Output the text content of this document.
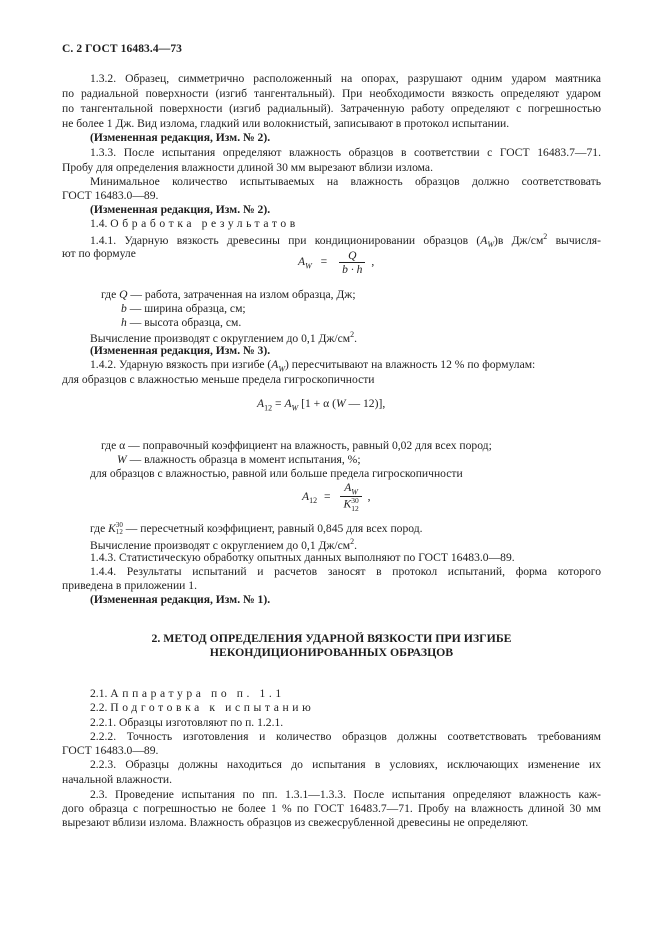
С. 2 ГОСТ 16483.4—73
1.3.2. Образец, симметрично расположенный на опорах, разрушают одним ударом маятника
по радиальной поверхности (изгиб тангентальный). При необходимости вязкость определяют ударом
по тангентальной поверхности (изгиб радиальный). Затраченную работу определяют с погрешностью
не более 1 Дж. Вид излома, гладкий или волокнистый, записывают в протокол испытании.
(Измененная редакция, Изм. № 2).
1.3.3. После испытания определяют влажность образцов в соответствии с ГОСТ 16483.7—71.
Пробу для определения влажности длиной 30 мм вырезают вблизи излома.
Минимальное количество испытываемых на влажность образцов должно соответствовать
ГОСТ 16483.0—89.
(Измененная редакция, Изм. № 2).
1.4. Обработка результатов
1.4.1. Ударную вязкость древесины при кондиционировании образцов $(A_W)в$ $Дж/см^2$ вычисля-
ют по формуле
$A_W = \frac{Q}{b \cdot h}$ ,
где Q — работа, затраченная на излом образца, Дж;
b — ширина образца, см;
h — высота образца, см.
Вычисление производят с округлением до 0,1 $Дж/см^2$.
(Измененная редакция, Изм. № 3).
1.4.2. Ударную вязкость при изгибе $(A_W)$ пересчитывают на влажность 12 % по формулам:
для образцов с влажностью меньше предела гигроскопичности
$A_{12} = A_W$ [1 + α (W — 12)],
где α — поправочный коэффициент на влажность, равный 0,02 для всех пород;
W — влажность образца в момент испытания, %;
для образцов с влажностью, равной или больше предела гигроскопичности
$A_{12} = A_W$
K 30
12 ,
где K 30
12 — пересчетный коэффициент, равный 0,845 для всех пород.
Вычисление производят с округлением до 0,1 $Дж/см^2$.
1.4.3. Статистическую обработку опытных данных выполняют по ГОСТ 16483.0—89.
1.4.4. Результаты испытаний и расчетов заносят в протокол испытаний, форма которого
приведена в приложении 1.
(Измененная редакция, Изм. № 1).
2. МЕТОД ОПРЕДЕЛЕНИЯ УДАРНОЙ ВЯЗКОСТИ ПРИ ИЗГИБЕ
НЕКОНДИЦИОНИРОВАННЫХ ОБРАЗЦОВ
2.1. Аппаратура по п. 1.1
2.2. Подготовка к испытанию
2.2.1. Образцы изготовляют по п. 1.2.1.
2.2.2. Точность изготовления и количество образцов должны соответствовать требованиям
ГОСТ 16483.0—89.
2.2.3. Образцы должны находиться до испытания в условиях, исключающих изменение их
начальной влажности.
2.3. Проведение испытания по пп. 1.3.1—1.3.3. После испытания определяют влажность каж-
дого образца с погрешностью не более 1 % по ГОСТ 16483.7—71. Пробу на влажность длиной 30 мм
вырезают вблизи излома. Влажность образцов из свежесрубленной древесины не определяют.
